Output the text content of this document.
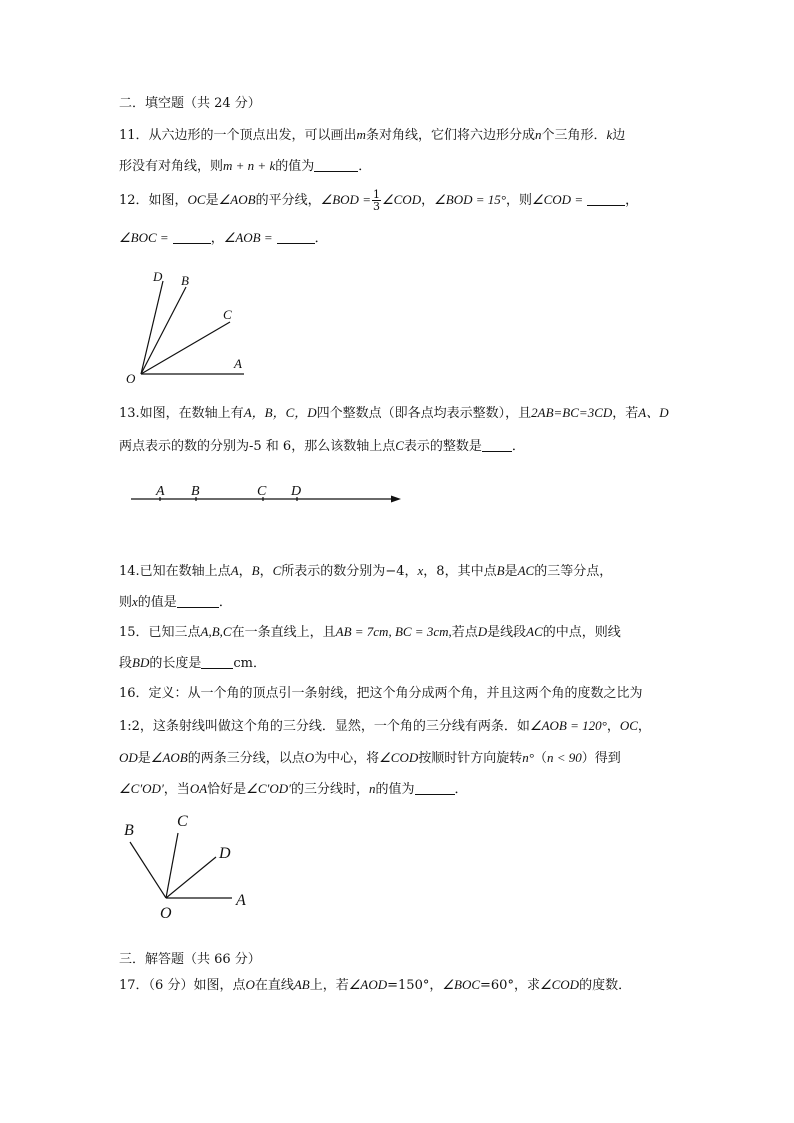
二．填空题（共 24 分）
11．从六边形的一个顶点出发，可以画出m条对角线，它们将六边形分成n个三角形．k边
形没有对角线，则m + n + k的值为	．
12．如图，OC是∠AOB的平分线，∠BOD = $\frac{1}{3}$ ∠COD，∠BOD = 15°，则∠COD =	，
∠BOC =	，∠AOB =	．
D B
C
A
O
13.如图，在数轴上有A，B，C，D四个整数点（即各点均表示整数），且2AB=BC=3CD，若A、D
两点表示的数的分别为-5 和 6，那么该数轴上点C表示的整数是 ．
A B	C D
14.已知在数轴上点A，B，C所表示的数分别为−4，x，8，其中点B是AC的三等分点，
则x的值是	．
15．已知三点A,B,C在一条直线上，且AB = 7cm, BC = 3cm,若点D是线段AC的中点，则线
段BD的长度是 cm．
16．定义：从一个角的顶点引一条射线，把这个角分成两个角，并且这两个角的度数之比为
1:2，这条射线叫做这个角的三分线．显然，一个角的三分线有两条．如∠AOB = 120°，OC，
OD是∠AOB的两条三分线，以点O为中心，将∠COD按顺时针方向旋转n°（n < 90）得到
∠C′OD′，当OA恰好是∠C′OD′的三分线时，n的值为	．
B
C
D
O
A
三．解答题（共 66 分）
17．（6 分）如图，点O在直线AB上，若∠AOD=150°，∠BOC=60°，求∠COD的度数．
